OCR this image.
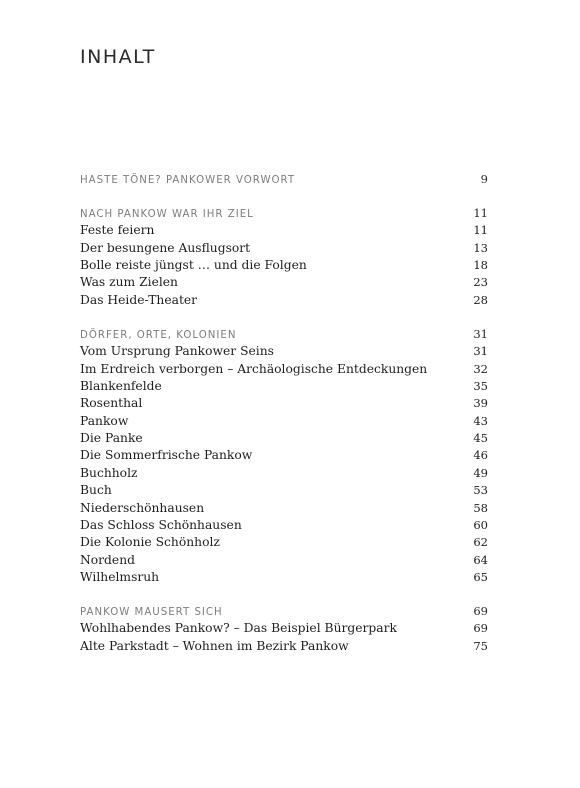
INHALT
HASTE TÖNE? PANKOWER VORWORT	9
NACH PANKOW WAR IHR ZIEL	11
Feste feiern	11
Der besungene Ausflugsort	13
Bolle reiste jüngst … und die Folgen	18
Was zum Zielen	23
Das Heide-Theater	28
DÖRFER, ORTE, KOLONIEN	31
Vom Ursprung Pankower Seins	31
Im Erdreich verborgen – Archäologische Entdeckungen	32
Blankenfelde	35
Rosenthal	39
Pankow	43
Die Panke	45
Die Sommerfrische Pankow	46
Buchholz	49
Buch	53
Niederschönhausen	58
Das Schloss Schönhausen	60
Die Kolonie Schönholz	62
Nordend	64
Wilhelmsruh	65
PANKOW MAUSERT SICH	69
Wohlhabendes Pankow? – Das Beispiel Bürgerpark	69
Alte Parkstadt – Wohnen im Bezirk Pankow	75
